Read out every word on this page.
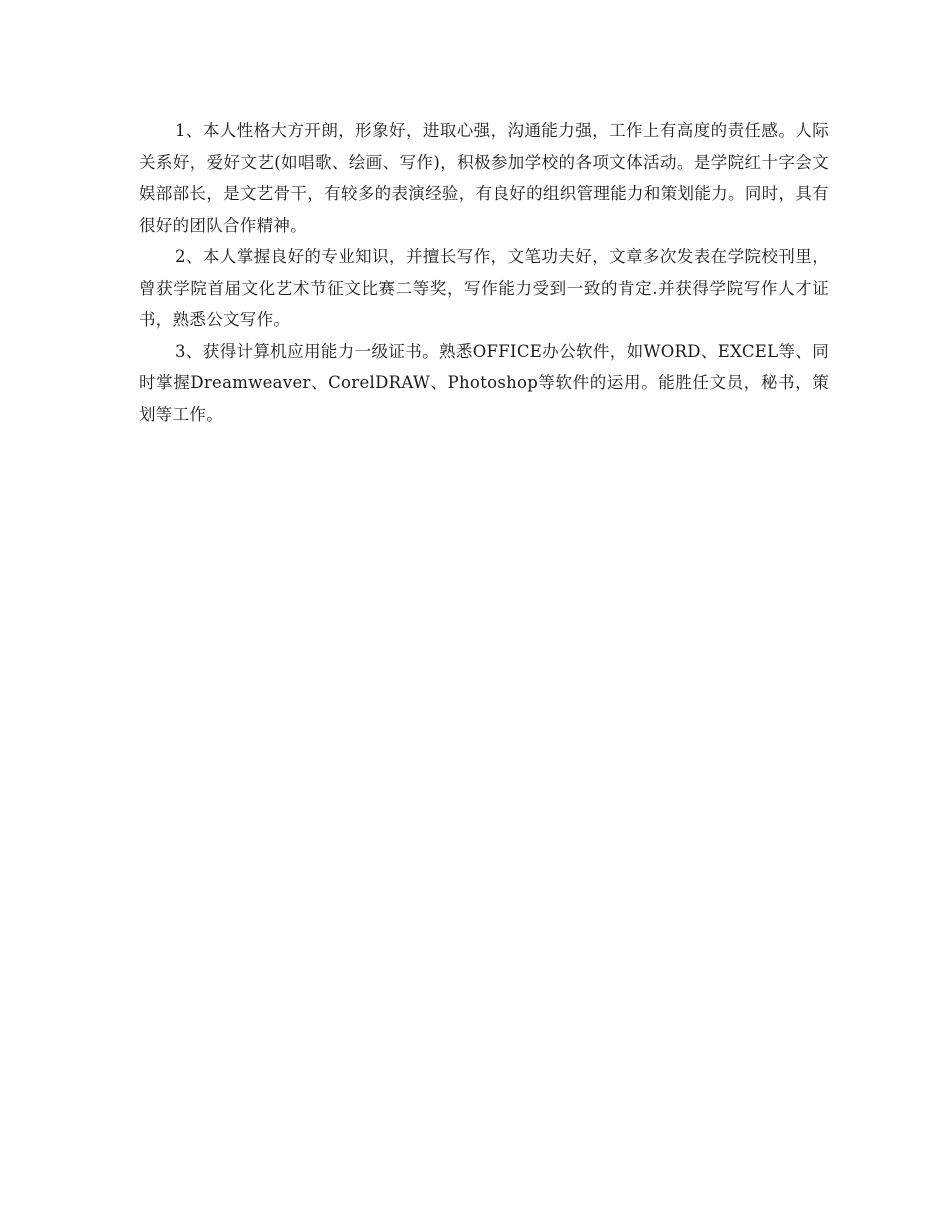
1、本人性格大方开朗，形象好，进取心强，沟通能力强，工作上有高度的责任感。人际关系好，爱好文艺(如唱歌、绘画、写作)，积极参加学校的各项文体活动。是学院红十字会文娱部部长，是文艺骨干，有较多的表演经验，有良好的组织管理能力和策划能力。同时，具有很好的团队合作精神。

2、本人掌握良好的专业知识，并擅长写作，文笔功夫好，文章多次发表在学院校刊里，曾获学院首届文化艺术节征文比赛二等奖，写作能力受到一致的肯定.并获得学院写作人才证书，熟悉公文写作。

3、获得计算机应用能力一级证书。熟悉OFFICE办公软件，如WORD、EXCEL等、同时掌握Dreamweaver、CorelDRAW、Photoshop等软件的运用。能胜任文员，秘书，策划等工作。
